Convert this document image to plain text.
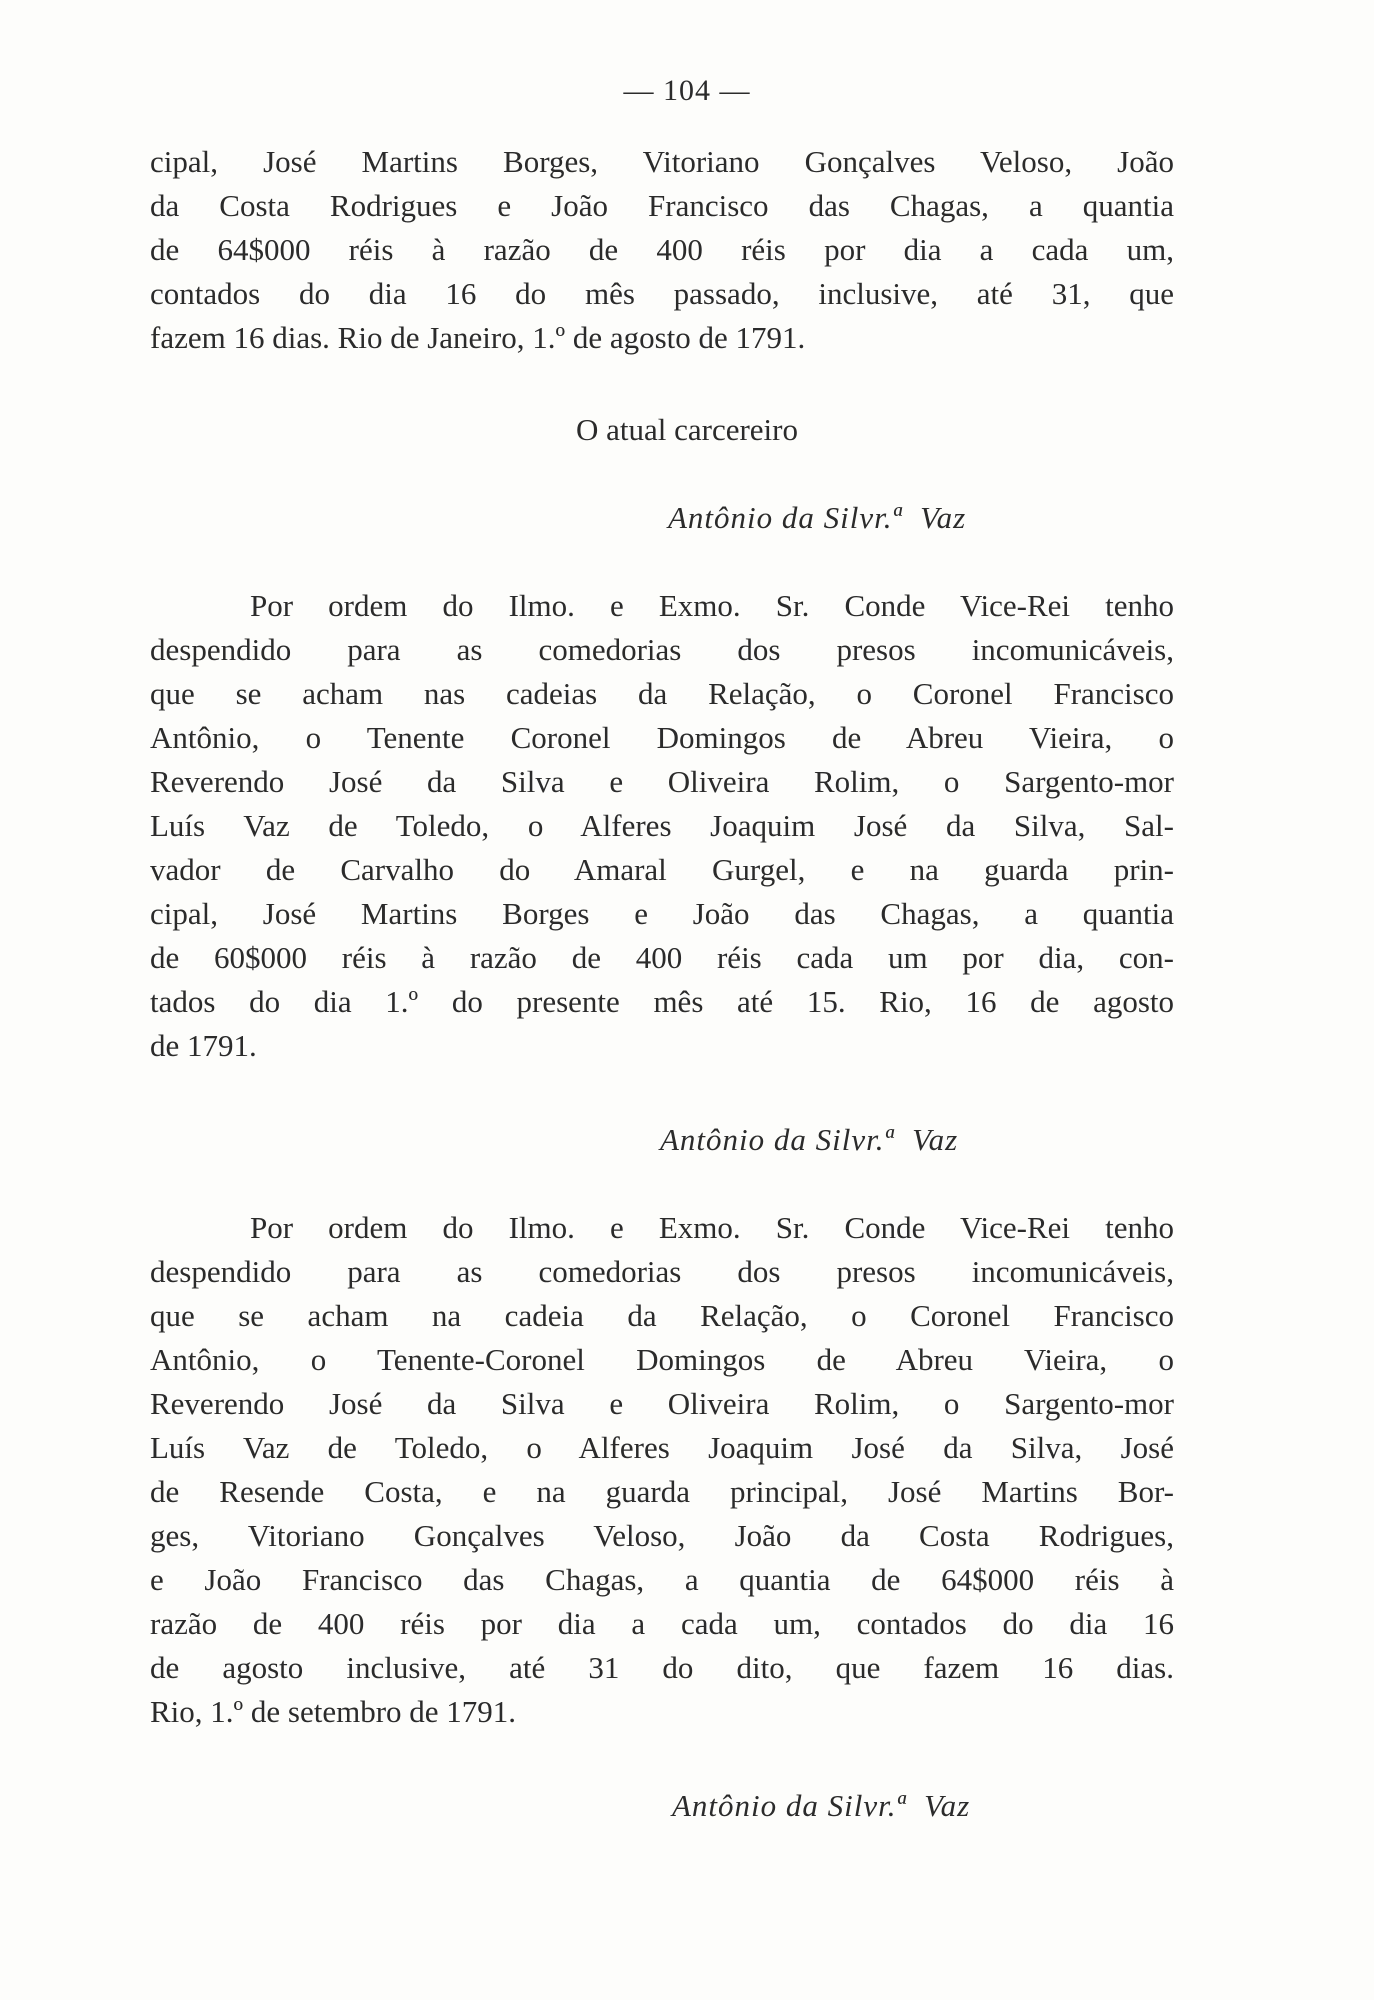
— 104 —
cipal, José Martins Borges, Vitoriano Gonçalves Veloso, João
da Costa Rodrigues e João Francisco das Chagas, a quantia
de 64$000 réis à razão de 400 réis por dia a cada um,
contados do dia 16 do mês passado, inclusive, até 31, que
fazem 16 dias. Rio de Janeiro, 1.º de agosto de 1791.
O atual carcereiro
Antônio da Silvr.ª Vaz
Por ordem do Ilmo. e Exmo. Sr. Conde Vice-Rei tenho
despendido para as comedorias dos presos incomunicáveis,
que se acham nas cadeias da Relação, o Coronel Francisco
Antônio, o Tenente Coronel Domingos de Abreu Vieira, o
Reverendo José da Silva e Oliveira Rolim, o Sargento-mor
Luís Vaz de Toledo, o Alferes Joaquim José da Silva, Sal-
vador de Carvalho do Amaral Gurgel, e na guarda prin-
cipal, José Martins Borges e João das Chagas, a quantia
de 60$000 réis à razão de 400 réis cada um por dia, con-
tados do dia 1.º do presente mês até 15. Rio, 16 de agosto
de 1791.
Antônio da Silvr.ª Vaz
Por ordem do Ilmo. e Exmo. Sr. Conde Vice-Rei tenho
despendido para as comedorias dos presos incomunicáveis,
que se acham na cadeia da Relação, o Coronel Francisco
Antônio, o Tenente-Coronel Domingos de Abreu Vieira, o
Reverendo José da Silva e Oliveira Rolim, o Sargento-mor
Luís Vaz de Toledo, o Alferes Joaquim José da Silva, José
de Resende Costa, e na guarda principal, José Martins Bor-
ges, Vitoriano Gonçalves Veloso, João da Costa Rodrigues,
e João Francisco das Chagas, a quantia de 64$000 réis à
razão de 400 réis por dia a cada um, contados do dia 16
de agosto inclusive, até 31 do dito, que fazem 16 dias.
Rio, 1.º de setembro de 1791.
Antônio da Silvr.ª Vaz
